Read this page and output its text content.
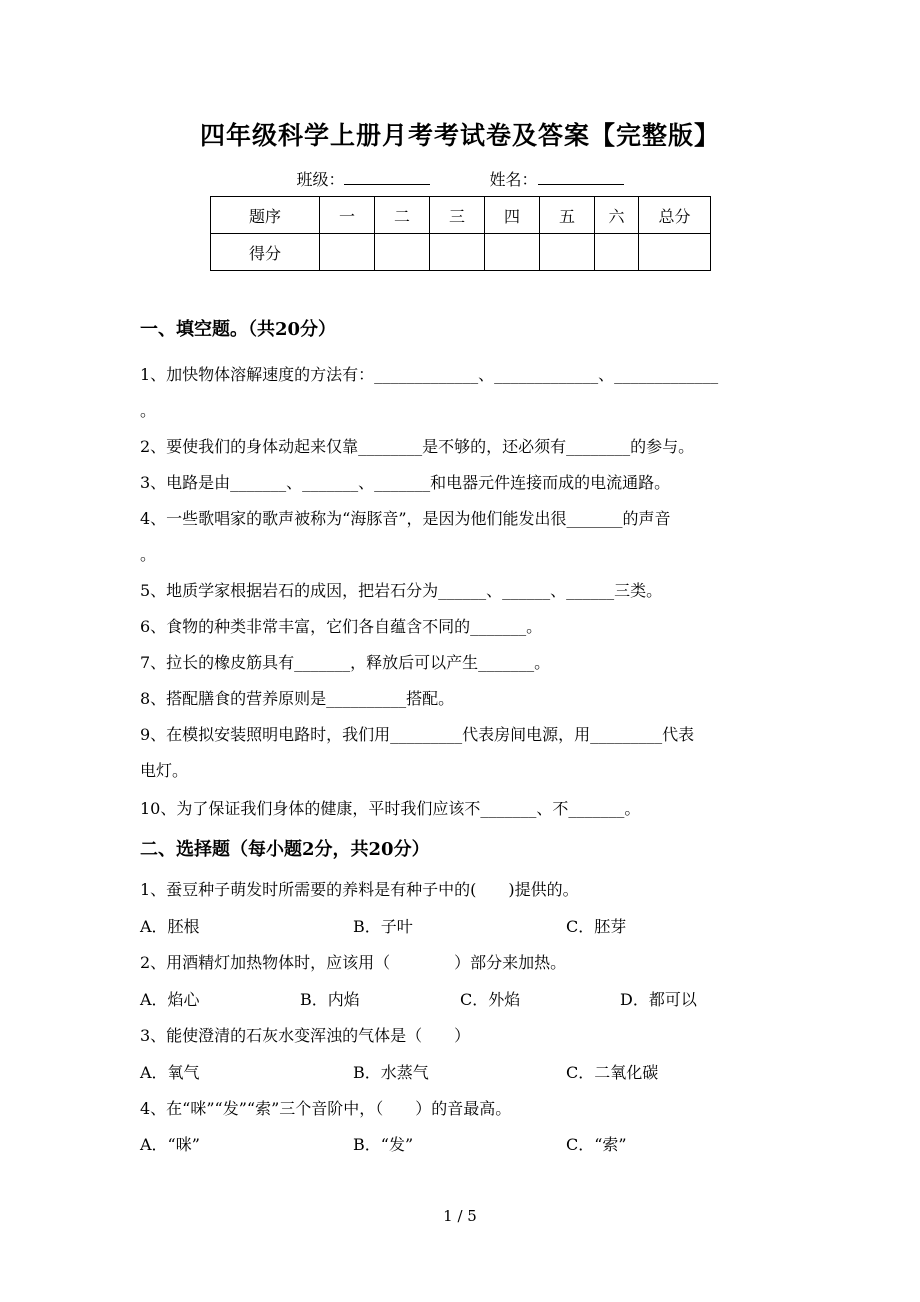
四年级科学上册月考考试卷及答案【完整版】
班级：	姓名：
题序	一	二	三	四	五	六	总分
得分							
一、填空题。（共20分）
1、加快物体溶解速度的方法有：_____________、_____________、_____________
。
2、要使我们的身体动起来仅靠________是不够的，还必须有________的参与。
3、电路是由_______、_______、_______和电器元件连接而成的电流通路。
4、一些歌唱家的歌声被称为“海豚音”，是因为他们能发出很_______的声音
。
5、地质学家根据岩石的成因，把岩石分为______、______、______三类。
6、食物的种类非常丰富，它们各自蕴含不同的_______。
7、拉长的橡皮筋具有_______，释放后可以产生_______。
8、搭配膳食的营养原则是__________搭配。
9、在模拟安装照明电路时，我们用_________代表房间电源，用_________代表
电灯。
10、为了保证我们身体的健康，平时我们应该不_______、不_______。
二、选择题（每小题2分，共20分）
1、蚕豆种子萌发时所需要的养料是有种子中的(　　)提供的。
A．胚根	B．子叶	C．胚芽
2、用酒精灯加热物体时，应该用（　　　　）部分来加热。
A．焰心	B．内焰	C．外焰	D．都可以
3、能使澄清的石灰水变浑浊的气体是（　　）
A．氧气	B．水蒸气	C．二氧化碳
4、在“咪”“发”“索”三个音阶中，（　　）的音最高。
A．“咪”	B．“发”	C．“索”
1 / 5
